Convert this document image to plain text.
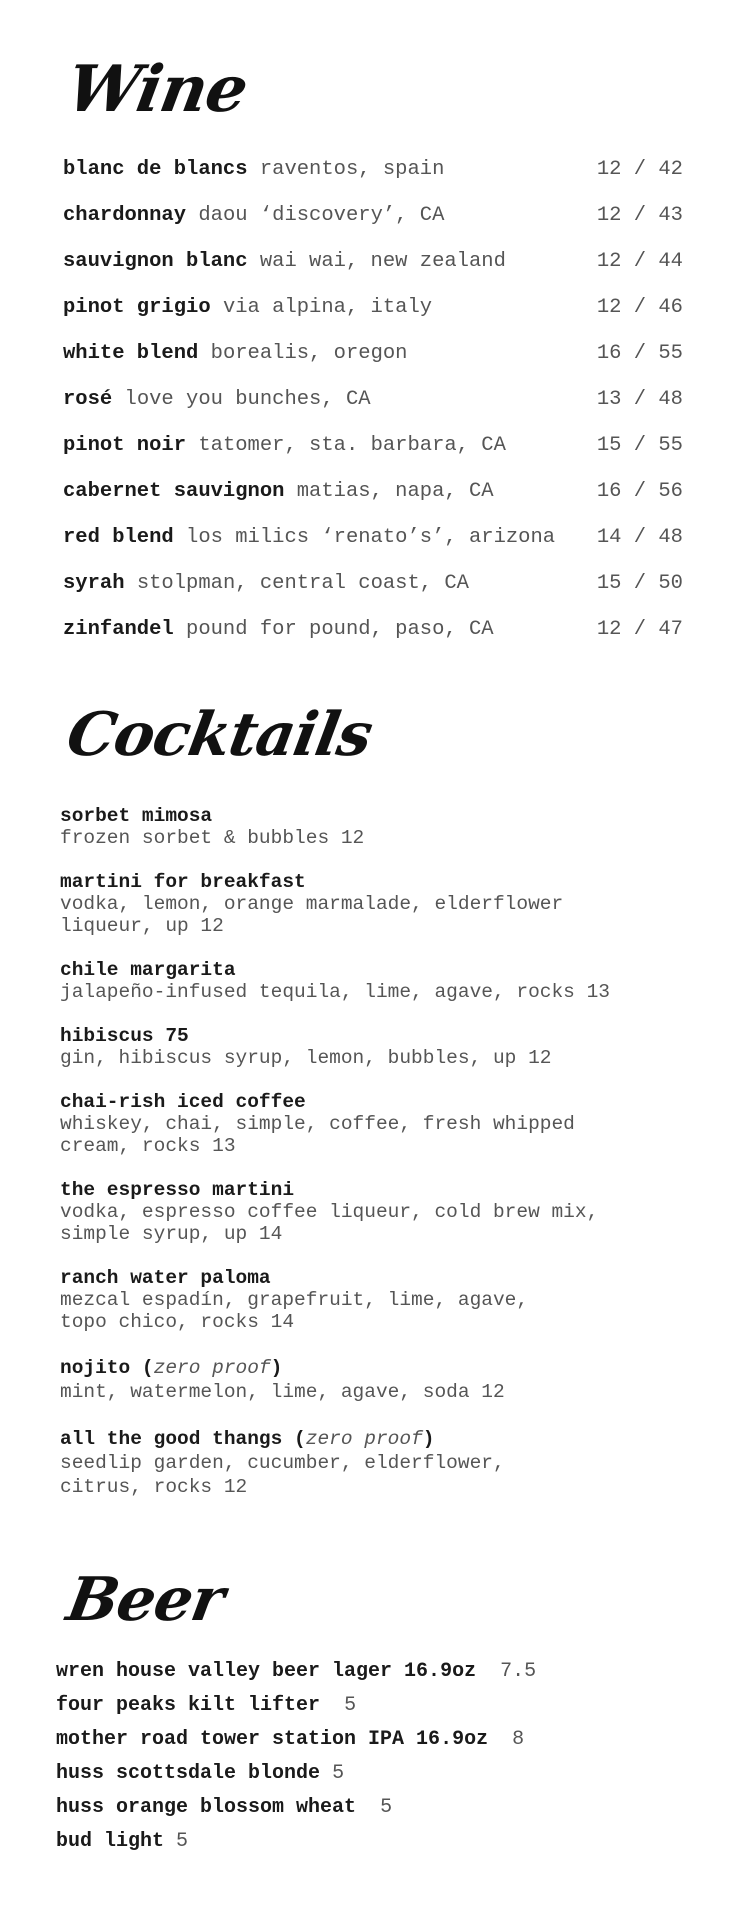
Wine
blanc de blancs raventos, spain	12 / 42
chardonnay daou ‘discovery’, CA	12 / 43
sauvignon blanc wai wai, new zealand	12 / 44
pinot grigio via alpina, italy	12 / 46
white blend borealis, oregon	16 / 55
rosé love you bunches, CA	13 / 48
pinot noir tatomer, sta. barbara, CA	15 / 55
cabernet sauvignon matias, napa, CA	16 / 56
red blend los milics ‘renato’s’, arizona 14 / 48
syrah stolpman, central coast, CA	15 / 50
zinfandel pound for pound, paso, CA	12 / 47
Cocktails
sorbet mimosa
frozen sorbet & bubbles 12
martini for breakfast
vodka, lemon, orange marmalade, elderflower
liqueur, up 12
chile margarita
jalapeño-infused tequila, lime, agave, rocks 13
hibiscus 75
gin, hibiscus syrup, lemon, bubbles, up 12
chai-rish iced coffee
whiskey, chai, simple, coffee, fresh whipped
cream, rocks 13
the espresso martini
vodka, espresso coffee liqueur, cold brew mix,
simple syrup, up 14
ranch water paloma
mezcal espadín, grapefruit, lime, agave,
topo chico, rocks 14
nojito (zero proof)
mint, watermelon, lime, agave, soda 12
all the good thangs (zero proof)
seedlip garden, cucumber, elderflower,
citrus, rocks 12
Beer
wren house valley beer lager 16.9oz 7.5
four peaks kilt lifter 5
mother road tower station IPA 16.9oz 8
huss scottsdale blonde 5
huss orange blossom wheat 5
bud light 5
